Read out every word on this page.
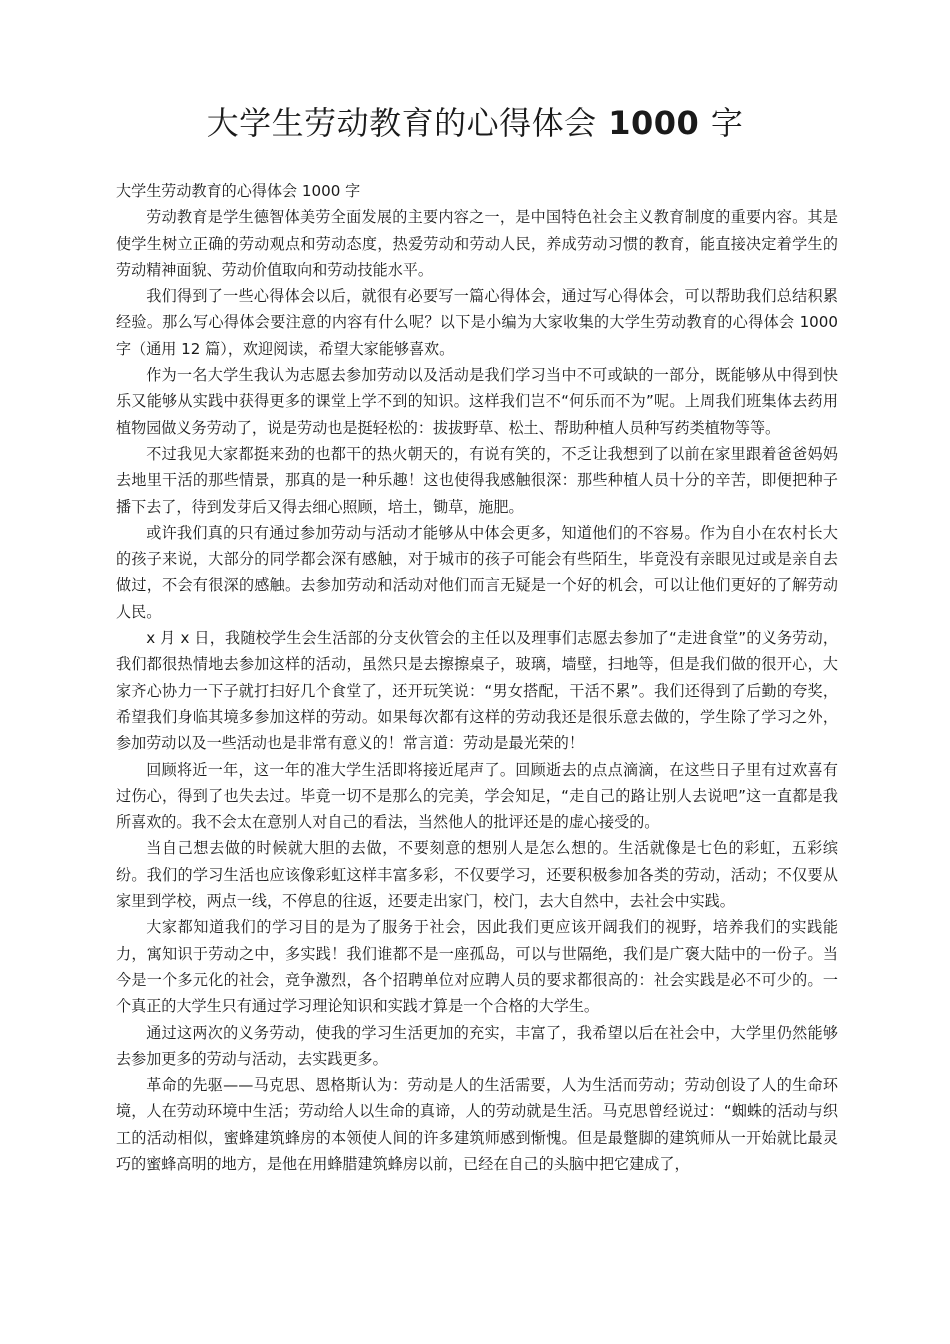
大学生劳动教育的心得体会 1000 字

大学生劳动教育的心得体会 1000 字

劳动教育是学生德智体美劳全面发展的主要内容之一，是中国特色社会主义教育制度的重要内容。其是使学生树立正确的劳动观点和劳动态度，热爱劳动和劳动人民，养成劳动习惯的教育，能直接决定着学生的劳动精神面貌、劳动价值取向和劳动技能水平。

我们得到了一些心得体会以后，就很有必要写一篇心得体会，通过写心得体会，可以帮助我们总结积累经验。那么写心得体会要注意的内容有什么呢？以下是小编为大家收集的大学生劳动教育的心得体会 1000 字（通用 12 篇），欢迎阅读，希望大家能够喜欢。

作为一名大学生我认为志愿去参加劳动以及活动是我们学习当中不可或缺的一部分，既能够从中得到快乐又能够从实践中获得更多的课堂上学不到的知识。这样我们岂不“何乐而不为”呢。上周我们班集体去药用植物园做义务劳动了，说是劳动也是挺轻松的：拔拔野草、松土、帮助种植人员种写药类植物等等。

不过我见大家都挺来劲的也都干的热火朝天的，有说有笑的，不乏让我想到了以前在家里跟着爸爸妈妈去地里干活的那些情景，那真的是一种乐趣！这也使得我感触很深：那些种植人员十分的辛苦，即便把种子播下去了，待到发芽后又得去细心照顾，培土，锄草，施肥。

或许我们真的只有通过参加劳动与活动才能够从中体会更多，知道他们的不容易。作为自小在农村长大的孩子来说，大部分的同学都会深有感触，对于城市的孩子可能会有些陌生，毕竟没有亲眼见过或是亲自去做过，不会有很深的感触。去参加劳动和活动对他们而言无疑是一个好的机会，可以让他们更好的了解劳动人民。

x 月 x 日，我随校学生会生活部的分支伙管会的主任以及理事们志愿去参加了“走进食堂”的义务劳动，我们都很热情地去参加这样的活动，虽然只是去擦擦桌子，玻璃，墙壁，扫地等，但是我们做的很开心，大家齐心协力一下子就打扫好几个食堂了，还开玩笑说：“男女搭配，干活不累”。我们还得到了后勤的夸奖，希望我们身临其境多参加这样的劳动。如果每次都有这样的劳动我还是很乐意去做的，学生除了学习之外，参加劳动以及一些活动也是非常有意义的！常言道：劳动是最光荣的！

回顾将近一年，这一年的准大学生活即将接近尾声了。回顾逝去的点点滴滴，在这些日子里有过欢喜有过伤心，得到了也失去过。毕竟一切不是那么的完美，学会知足，“走自己的路让别人去说吧”这一直都是我所喜欢的。我不会太在意别人对自己的看法，当然他人的批评还是的虚心接受的。

当自己想去做的时候就大胆的去做，不要刻意的想别人是怎么想的。生活就像是七色的彩虹，五彩缤纷。我们的学习生活也应该像彩虹这样丰富多彩，不仅要学习，还要积极参加各类的劳动，活动；不仅要从家里到学校，两点一线，不停息的往返，还要走出家门，校门，去大自然中，去社会中实践。

大家都知道我们的学习目的是为了服务于社会，因此我们更应该开阔我们的视野，培养我们的实践能力，寓知识于劳动之中，多实践！我们谁都不是一座孤岛，可以与世隔绝，我们是广褒大陆中的一份子。当今是一个多元化的社会，竞争激烈，各个招聘单位对应聘人员的要求都很高的：社会实践是必不可少的。一个真正的大学生只有通过学习理论知识和实践才算是一个合格的大学生。

通过这两次的义务劳动，使我的学习生活更加的充实，丰富了，我希望以后在社会中，大学里仍然能够去参加更多的劳动与活动，去实践更多。

革命的先驱——马克思、恩格斯认为：劳动是人的生活需要，人为生活而劳动；劳动创设了人的生命环境，人在劳动环境中生活；劳动给人以生命的真谛，人的劳动就是生活。马克思曾经说过：“蜘蛛的活动与织工的活动相似，蜜蜂建筑蜂房的本领使人间的许多建筑师感到惭愧。但是最蹩脚的建筑师从一开始就比最灵巧的蜜蜂高明的地方，是他在用蜂腊建筑蜂房以前，已经在自己的头脑中把它建成了，
